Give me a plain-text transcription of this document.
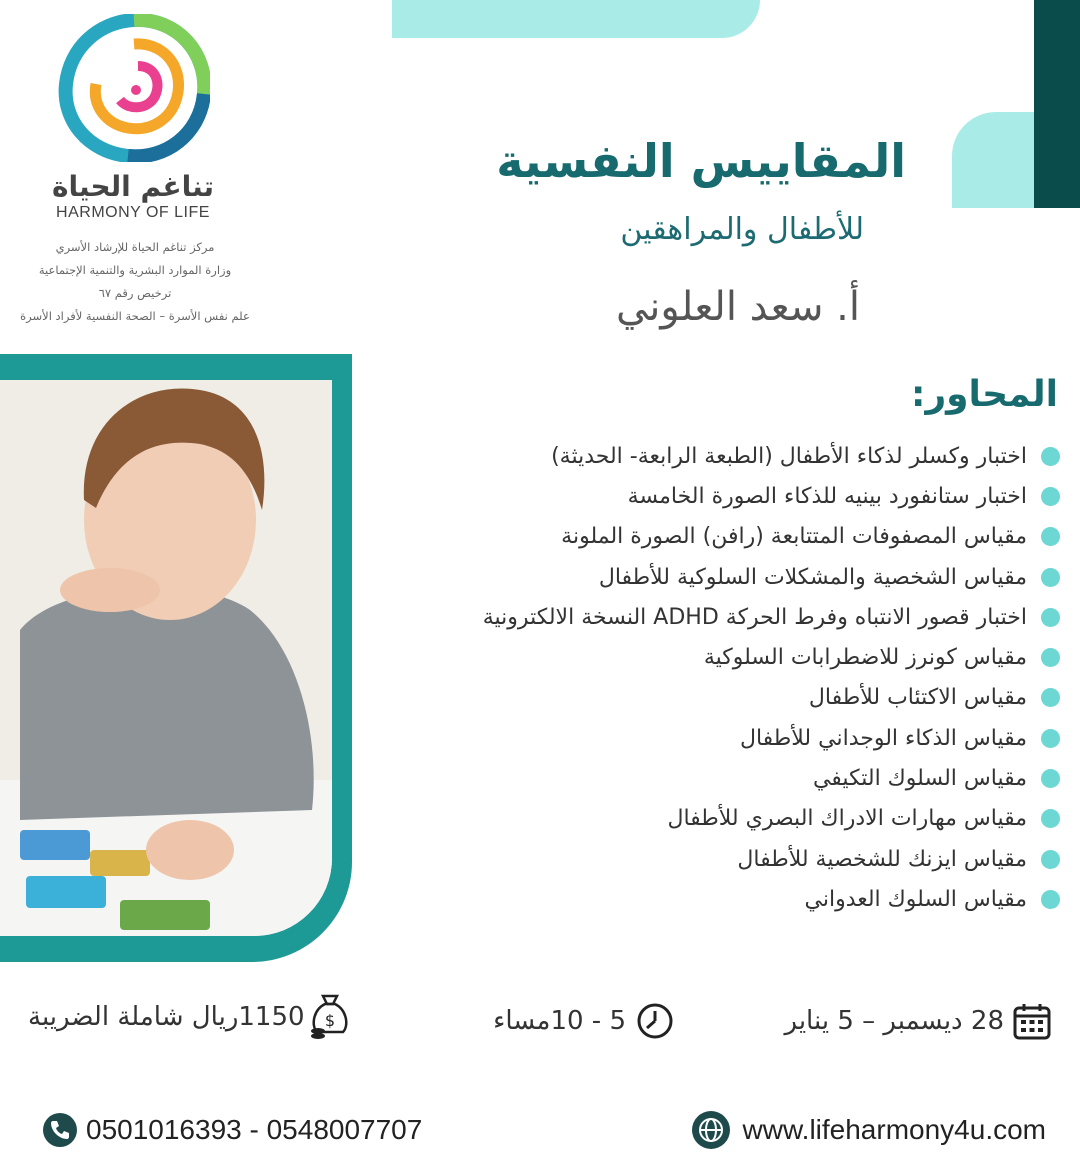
تناغم الحياة
HARMONY OF LIFE
مركز تناغم الحياة للإرشاد الأسري
وزارة الموارد البشرية والتنمية الإجتماعية
ترخيص رقم ٦٧
علم نفس الأسرة – الصحة النفسية لأفراد الأسرة
المقاييس النفسية
للأطفال والمراهقين
أ. سعد العلوني
المحاور:
اختبار وكسلر لذكاء الأطفال (الطبعة الرابعة- الحديثة)
اختبار ستانفورد بينيه للذكاء الصورة الخامسة
مقياس المصفوفات المتتابعة (رافن) الصورة الملونة
مقياس الشخصية والمشكلات السلوكية للأطفال
اختبار قصور الانتباه وفرط الحركة ADHD النسخة الالكترونية
مقياس كونرز للاضطرابات السلوكية
مقياس الاكتئاب للأطفال
مقياس الذكاء الوجداني للأطفال
مقياس السلوك التكيفي
مقياس مهارات الادراك البصري للأطفال
مقياس ايزنك للشخصية للأطفال
مقياس السلوك العدواني
28 ديسمبر – 5 يناير
5 - 10مساء
1150ريال شاملة الضريبة $
www.lifeharmony4u.com
0501016393 - 0548007707
